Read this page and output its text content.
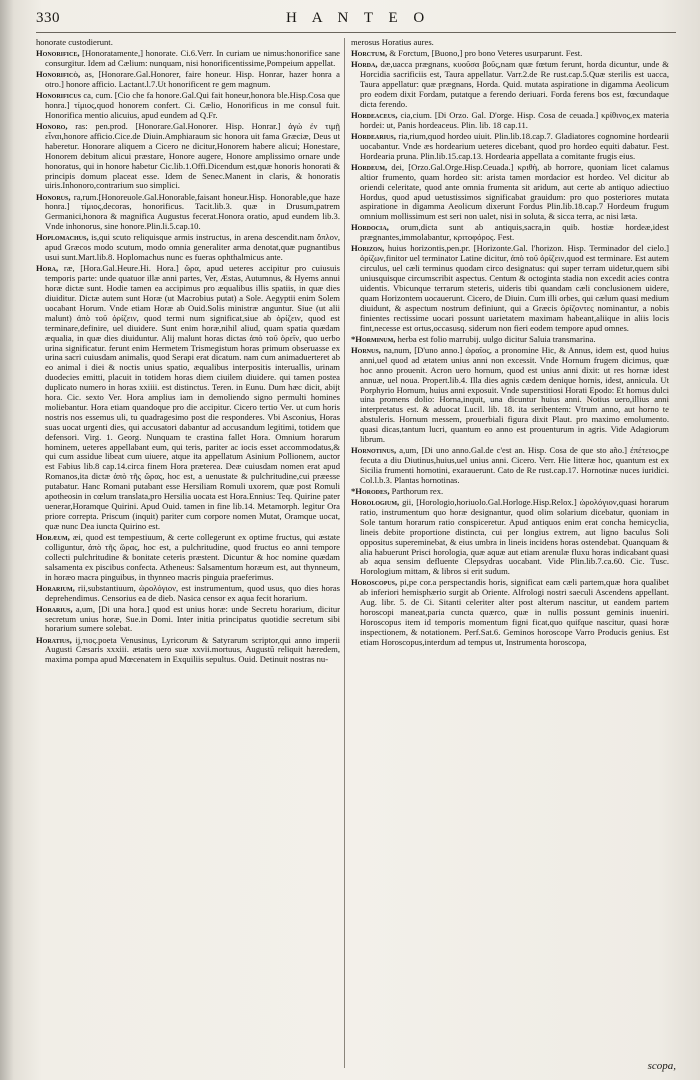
330	H A N T E O
honorate custodierunt.
Honorifice, [Honoratamente,] honorate. Ci.6.Verr. In curiam ue nimus:honorifice sane consurgitur. Idem ad Cælium: nunquam, nisi honorificentissime,Pompeium appellat.
Honorificò, as, [Honorare.Gal.Honorer, faire honeur. Hisp. Honrar, hazer honra a otro.] honore afficio. Lactant.l.7.Ut honorificent re gem magnum.
Honorificus ca, cum. [Cio che fa honore.Gal.Qui fait honeur,honora ble.Hisp.Cosa que honra.] τίμιος,quod honorem confert. Ci. Cælio, Honorificus in me consul fuit. Honorifica mentio alicuius, apud eundem ad Q.Fr.
Honoro, ras: pen.prod. [Honorare.Gal.Honorer. Hisp. Honrar.] ἀγὼ ἐν τιμῇ εἶναι,honore afficio.Cice.de Diuin.Amphiaraum sic honora uit fama Græciæ, Deus ut haberetur. Honorare aliquem a Cicero ne dicitur,Honorem habere alicui; Honestare, Honorem debitum alicui præstare, Honore augere, Honore amplissimo ornare unde honoratus, qui in honore habetur Cic.lib.1.Offi.Dicendum est,quæ honoris honorati & principis domum placeat esse. Idem de Senec.Manent in claris, & honoratis uiris.Inhonoro,contrarium suo simplici.
Honorus, ra,rum.[Honoreuole.Gal.Honorable,faisant honeur.Hisp. Honorable,que haze honra.] τίμιος,decoras, honorificus. Tacit.lib.3. quæ in Drusum,patrem Germanici,honora & magnifica Augustus fecerat.Honora oratio, apud eundem lib.3. Vnde inhonorus, sine honore.Plin.li.5.cap.10.
Hoplomachus, is,qui scuto reliquisque armis instructus, in arena descendit.nam ὅπλον, apud Græcos modo scutum, modo omnia generaliter arma denotat,quæ pugnantibus usui sunt.Mart.lib.8. Hoplomachus nunc es fueras ophthalmicus ante.
Hora, ræ, [Hora.Gal.Heure.Hi. Hora.] ὥρα, apud ueteres accipitur pro cuiusuis temporis parte: unde quatuor illæ anni partes, Ver, Æstas, Autumnus, & Hyems annui horæ dictæ sunt. Hodie tamen ea accipimus pro æqualibus illis spatiis, in quæ dies diuiditur. Dictæ autem sunt Horæ (ut Macrobius putat) a Sole. Aegyptii enim Solem uocabant Horum. Vnde etiam Horæ ab Ouid.Solis ministræ anguntur. Siue (ut alii malunt) ἀπὸ τοῦ ὁρίζειν, quod termi num significat,siue ab ὁρίζειν, quod est terminare,definire, uel diuidere. Sunt enim horæ,nihil aliud, quam spatia quædam æqualia, in quæ dies diuiduntur. Alij malunt horas dictas ἀπὸ τοῦ ὁρεῖν, quo uerbo urina significatur. ferunt enim Hermetem Trismegistum horas primum obseruasse ex urina sacri cuiusdam animalis, quod Serapi erat dicatum. nam cum animaduerteret ab eo animal i diei & noctis unius spatio, æqualibus interpositis interuallis, urinam duodecies emitti, placuit in totidem horas diem ciuilem diuidere. qui tamen postea duplicato numero in horas xxiiii. est distinctus. Teren. in Eunu. Dum hæc dicit, abijt hora. Cic. sexto Ver. Hora amplius iam in demoliendo signo permulti homines moliebantur. Hora etiam quandoque pro die accipitur. Cicero tertio Ver. ut cum horis nostris nos essemus uli, tu quadragesimo post die responderes. Vbi Asconius, Horas suas uocat urgenti dies, qui accusatori dabantur ad accusandum legitimi, totidem que defensori. Virg. 1. Georg. Nunquam te crastina fallet Hora. Omnium horarum hominem, ueteres appellabant eum, qui teris, pariter ac iocis esset accommodatus,& qui cum assidue libeat cum uiuere, atque ita appellatum Asinium Pollionem, auctor est Fabius lib.8 cap.14.circa finem Hora præterea. Deæ cuiusdam nomen erat apud Romanos,ita dictæ ἀπὸ τῆς ὥρας, hoc est, a uenustate & pulchritudine,cui præesse putabatur. Hanc Romani putabant esse Hersiliam Romuli uxorem, quæ post Romuli apotheosin in cœlum translata,pro Hersilia uocata est Hora.Ennius: Teq. Quirine pater uenerar,Horamque Quirini. Apud Ouid. tamen in fine lib.14. Metamorph. legitur Ora priore correpta. Priscum (inquit) pariter cum corpore nomen Mutat, Oramque uocat, quæ nunc Dea iuncta Quirino est.
Horæum, æi, quod est tempestiuum, & certe collegerunt ex optime fructus, qui æstate colliguntur, ἀπὸ τῆς ὥρας, hoc est, a pulchritudine, quod fructus eo anni tempore collecti pulchritudine & bonitate ceteris præstent. Dicuntur & hoc nomine quædam salsamenta ex piscibus confecta. Atheneus: Salsamentum horæum est, aut thynneum, in horæo macra pinguibus, in thynneo macris pinguia praeferimus.
Horarium, rii,substantiuum, ὡρολόγιον, est instrumentum, quod usus, quo dies horas deprehendimus. Censorius ea de dieb. Nasica censor ex aqua fecit horarium.
Horarius, a,um, [Di una hora.] quod est unius horæ: unde Secretu horarium, dicitur secretum unius horæ, Sue.in Domi. Inter initia principatus quotidie secretum sibi horarium sumere solebat.
Horatius, ij,τιος.poeta Venusinus, Lyricorum & Satyrarum scriptor,qui anno imperii Augusti Cæsaris xxxiii. ætatis uero suæ xxvii.mortuus, Augustũ reliquit hæredem, maxima pompa apud Mœcenatem in Exquiliis sepultus. Ouid. Detinuit nostras nu-
merosus Horatius aures.
Horctum, & Forctum, [Buono,] pro bono Veteres usurparunt. Fest.
Horda, dæ,uacca prægnans, κυοῦσα βοῦς,nam quæ fœtum ferunt, horda dicuntur, unde & Horcidia sacrificiis est, Taura appellatur. Varr.2.de Re rust.cap.5.Quæ sterilis est uacca, Taura appellatur: quæ prægnans, Horda. Quid. mutata aspiratione in digamma Aeolicum pro eodem dixit Fordam, putatque a ferendo deriuari. Forda ferens bos est, fœcundaque dicta ferendo.
Hordeaceus, cia,cium. [Di Orzo. Gal. D'orge. Hisp. Cosa de ceuada.] κρίθινος,ex materia hordei: ut, Panis hordeaceus. Plin. lib. 18 cap.11.
Hordearius, ria,rium,quod hordeo uiuit. Plin.lib.18.cap.7. Gladiatores cognomine hordearii uocabantur. Vnde æs hordearium ueteres dicebant, quod pro hordeo equiti dabatur. Fest. Hordearia pruna. Plin.lib.15.cap.13. Hordearia appellata a comitante frugis eius.
Hordeum, dei, [Orzo.Gal.Orge.Hisp.Ceuada.] κριθὴ, ab horrore, quoniam licet calamus altior frumento, quam hordeo sit: arista tamen mordacior est hordeo. Vel dicitur ab oriendi celeritate, quod ante omnia frumenta sit aridum, aut certe ab antiquo adiectiuo Hordus, quod apud uetustissimos significabat grauidum: pro quo posteriores mutata aspiratione in digamma Aeolicum dixerunt Fordus Plin.lib.18.cap.7 Hordeum frugum omnium mollissimum est seri non ualet, nisi in soluta, & sicca terra, ac nisi læta.
Hordocia, orum,dicta sunt ab antiquis,sacra,in quib. hostiæ hordeæ,idest prægnantes,immolabantur, κριτοφόρος. Fest.
Horizon, huius horizontis,pen.pr. [Horizonte.Gal. l'horizon. Hisp. Terminador del cielo.] ὁρίζων,finitor uel terminator Latine dicitur, ἀπὸ τοῦ ὁρίζειν,quod est terminare. Est autem circulus, uel cæli terminus quodam circo designatus: qui super terram uidetur,quem sibi uniusquisque circumscribit aspectus. Centum & octoginta stadia non excedit acies contra uidentis. Vbicunque terrarum steteris, uideris tibi quandam cæli conclusionem uidere, quam Horizontem uocauerunt. Cicero, de Diuin. Cum illi orbes, qui cælum quasi medium diuidunt, & aspectum nostrum definiunt, qui a Græcis ὁρίζοντες nominantur, a nobis finientes rectissime uocari possunt uarietatem maximam habeant,aliique in aliis locis fint,necesse est ortus,occasusq. siderum non fieri eodem tempore apud omnes.
*Horminum, herba est folio marrubij. uulgo dicitur Saluia transmarina.
Hornus, na,num, [D'uno anno.] ὡραῖος, a pronomine Hic, & Annus, idem est, quod huius anni,uel quod ad ætatem unius anni non excessit. Vnde Hornum frugem dicimus, quæ hoc anno prouenit. Acron uero hornum, quod est unius anni dixit: ut res hornæ idest annuæ, uel noua. Propert.lib.4. Illa dies agnis cædem denique hornis, idest, annicula. Ut Porphyrio Hornum, huius anni exposuit. Vnde superstitiosi Horati Epodo: Et hornus dulci uina promens dolio: Horna,inquit, una dicuntur huius anni. Notius uero,illius anni interpretatus est. & aduocat Lucil. lib. 18. ita seribentem: Vtrum anno, aut horno te abstuleris. Hornum messem, prouerbiali figura dixit Plaut. pro maximo emolumento. quasi dicas,tantum lucri, quantum eo anno est prouenturum in agris. Vide Adagiorum librum.
Hornotinus, a,um, [Di uno anno.Gal.de c'est an. Hisp. Cosa de que sto año.] ἐπέτειος,pe fecuta a diu Diutinus,huius,uel unius anni. Cicero. Verr. Hie litteræ hoc, quantum est ex Sicilia frumenti hornotini, exarauerunt. Cato de Re rust.cap.17. Hornotinæ nuces iuridici. Col.l.b.3. Plantas hornotinas.
*Horodes, Parthorum rex.
Horologium, gii, [Horologio,horiuolo.Gal.Horloge.Hisp.Relox.] ὡρολόγιον,quasi horarum ratio, instrumentum quo horæ designantur, quod olim solarium dicebatur, quoniam in Sole tantum horarum ratio conspiceretur. Apud antiquos enim erat concha hemicyclia, lineis debite proportione distincta, cui per longius extrem, aut ligno baculus Soli oppositus supereminebat, & eius umbra in lineis incidens horas ostendebat. Quanquam & alia habuerunt Prisci horologia, quæ aquæ aut etiam arenulæ fluxu horas indicabant quasi ab aqua sensim defluente Clepsydras uocabant. Vide Plin.lib.7.ca.60. Cic. Tusc. Horologium mittam, & libros si erit sudum.
Horoscopus, pi,pe cor.a perspectandis horis, significat eam cæli partem,quæ hora qualibet ab inferiori hemisphærio surgit ab Oriente. Alfrologi nostri saeculi Ascendens appellant. Aug. libr. 5. de Ci. Sitanti celeriter alter post alterum nascitur, ut eandem partem horoscopi maneat,paria cuncta quærco, quæ in nullis possunt geminis inueniri. Horoscopus item id temporis momentum figni ficat,quo quifque nascitur, quasi horæ inspectionem, & notationem. Perf.Sat.6. Geminos horoscope Varro Producis genius. Est etiam Horoscopus,interdum ad tempus ut, Instrumenta horoscopa,
scopa,
